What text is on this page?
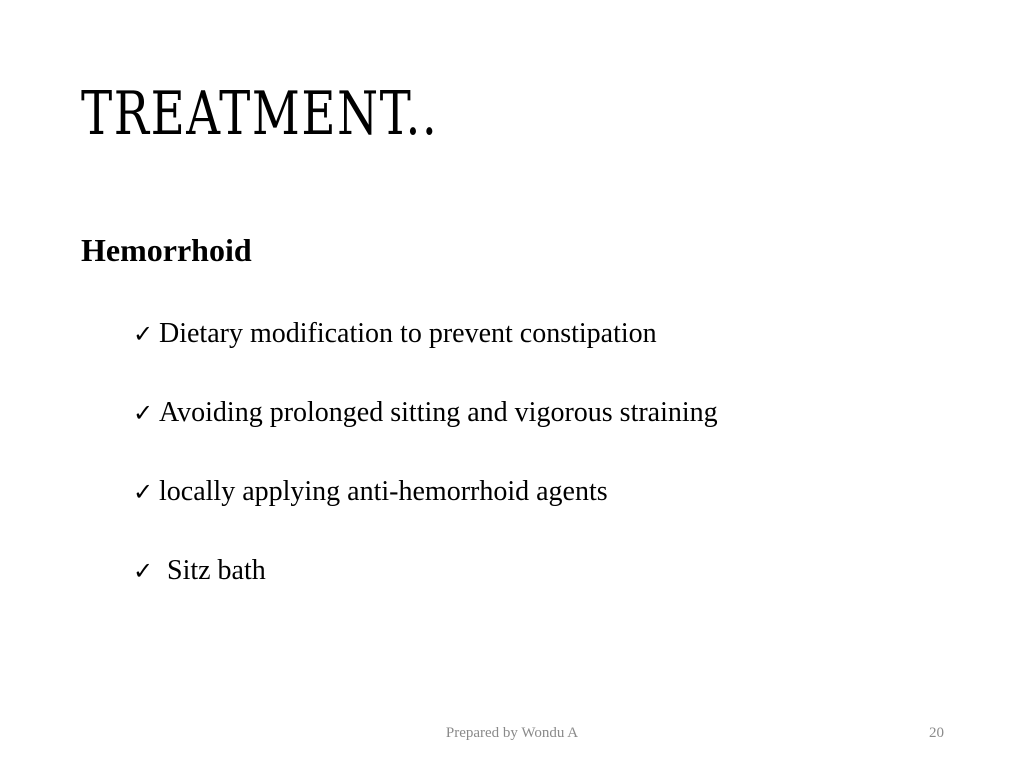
TREATMENT..
Hemorrhoid
✓ Dietary modification to prevent constipation
✓ Avoiding prolonged sitting and vigorous straining
✓ locally applying anti-hemorrhoid agents
✓ Sitz bath

Prepared by Wondu A	20
